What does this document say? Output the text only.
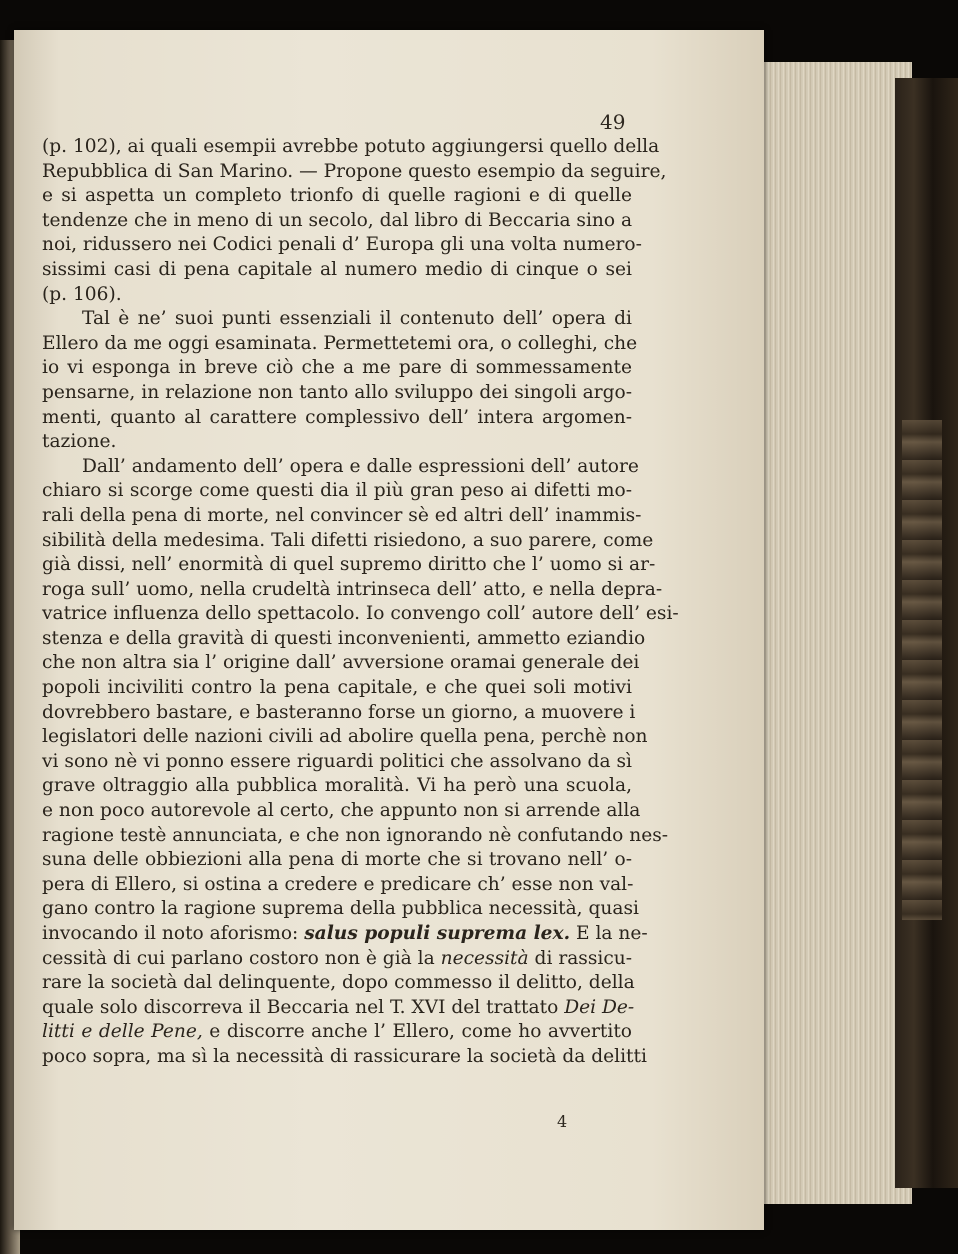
49

(p. 102), ai quali esempii avrebbe potuto aggiungersi quello della
Repubblica di San Marino. — Propone questo esempio da seguire,
e si aspetta un completo trionfo di quelle ragioni e di quelle
tendenze che in meno di un secolo, dal libro di Beccaria sino a
noi, ridussero nei Codici penali d’ Europa gli una volta numero-
sissimi casi di pena capitale al numero medio di cinque o sei
(p. 106).

Tal è ne’ suoi punti essenziali il contenuto dell’ opera di
Ellero da me oggi esaminata. Permettetemi ora, o colleghi, che
io vi esponga in breve ciò che a me pare di sommessamente
pensarne, in relazione non tanto allo sviluppo dei singoli argo-
menti, quanto al carattere complessivo dell’ intera argomen-
tazione.

Dall’ andamento dell’ opera e dalle espressioni dell’ autore
chiaro si scorge come questi dia il più gran peso ai difetti mo-
rali della pena di morte, nel convincer sè ed altri dell’ inammis-
sibilità della medesima. Tali difetti risiedono, a suo parere, come
già dissi, nell’ enormità di quel supremo diritto che l’ uomo si ar-
roga sull’ uomo, nella crudeltà intrinseca dell’ atto, e nella depra-
vatrice influenza dello spettacolo. Io convengo coll’ autore dell’ esi-
stenza e della gravità di questi inconvenienti, ammetto eziandio
che non altra sia l’ origine dall’ avversione oramai generale dei
popoli inciviliti contro la pena capitale, e che quei soli motivi
dovrebbero bastare, e basteranno forse un giorno, a muovere i
legislatori delle nazioni civili ad abolire quella pena, perchè non
vi sono nè vi ponno essere riguardi politici che assolvano da sì
grave oltraggio alla pubblica moralità. Vi ha però una scuola,
e non poco autorevole al certo, che appunto non si arrende alla
ragione testè annunciata, e che non ignorando nè confutando nes-
suna delle obbiezioni alla pena di morte che si trovano nell’ o-
pera di Ellero, si ostina a credere e predicare ch’ esse non val-
gano contro la ragione suprema della pubblica necessità, quasi
invocando il noto aforismo: salus populi suprema lex. E la ne-
cessità di cui parlano costoro non è già la necessità di rassicu-
rare la società dal delinquente, dopo commesso il delitto, della
quale solo discorreva il Beccaria nel T. XVI del trattato Dei De-
litti e delle Pene, e discorre anche l’ Ellero, come ho avvertito
poco sopra, ma sì la necessità di rassicurare la società da delitti

4
